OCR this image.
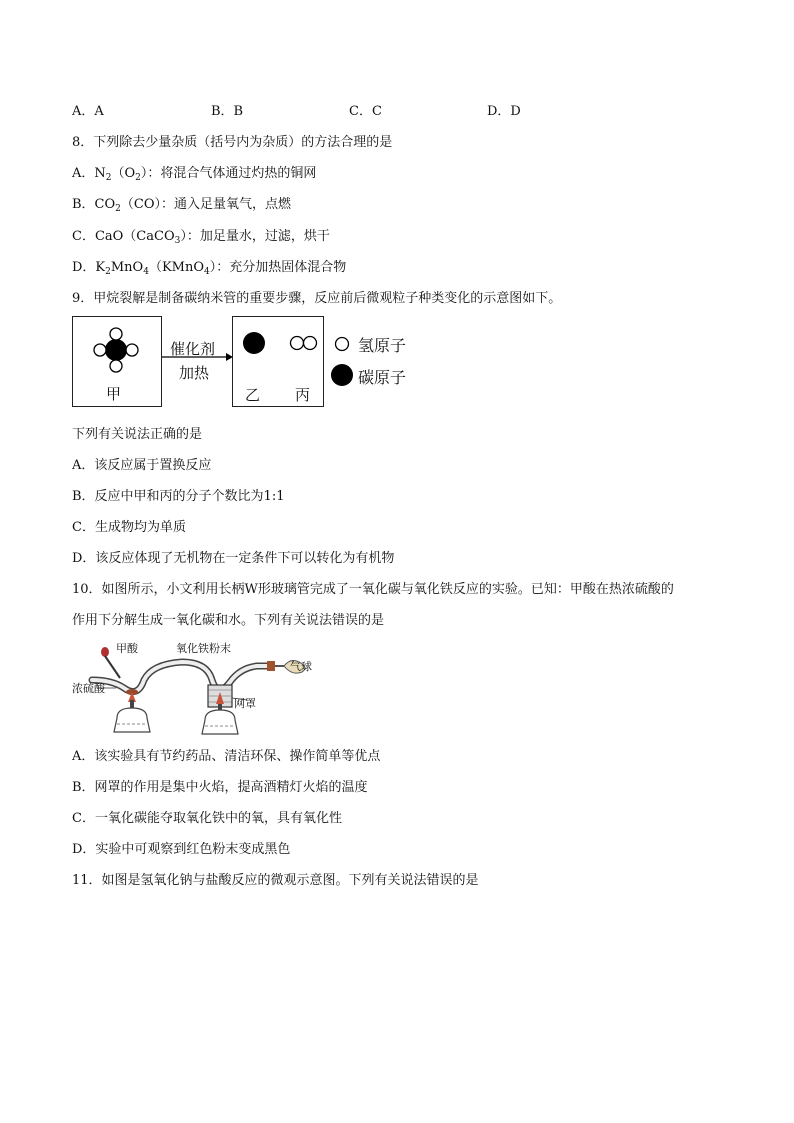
A．A	B．B	C．C	D．D
8．下列除去少量杂质（括号内为杂质）的方法合理的是
A．$N_2(O_2)$：将混合气体通过灼热的铜网
B．$CO_2(CO)$：通入足量氧气，点燃
C．CaO（CaCO$_3$）：加足量水，过滤，烘干
D．$K_2MnO_4(KMnO_4)$：充分加热固体混合物
9．甲烷裂解是制备碳纳米管的重要步骤，反应前后微观粒子种类变化的示意图如下。
甲
催化剂
加热
乙 丙
氢原子
碳原子
下列有关说法正确的是
A．该反应属于置换反应
B．反应中甲和丙的分子个数比为1:1
C．生成物均为单质
D．该反应体现了无机物在一定条件下可以转化为有机物
10．如图所示，小文利用长柄W形玻璃管完成了一氧化碳与氧化铁反应的实验。已知：甲酸在热浓硫酸的
作用下分解生成一氧化碳和水。下列有关说法错误的是
甲酸	氧化铁粉末
气球
浓硫酸
网罩
A．该实验具有节约药品、清洁环保、操作简单等优点
B．网罩的作用是集中火焰，提高酒精灯火焰的温度
C．一氧化碳能夺取氧化铁中的氧，具有氧化性
D．实验中可观察到红色粉末变成黑色
11．如图是氢氧化钠与盐酸反应的微观示意图。下列有关说法错误的是
